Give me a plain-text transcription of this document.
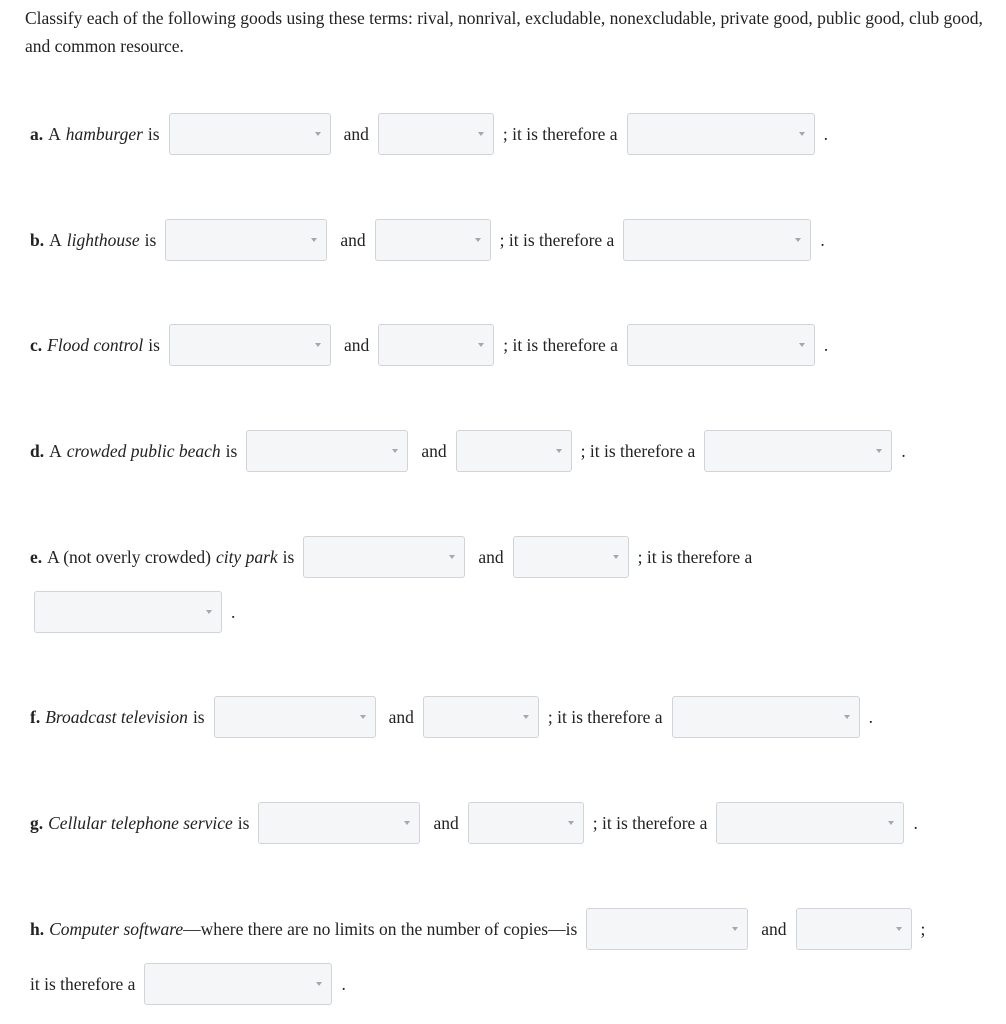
Classify each of the following goods using these terms: rival, nonrival, excludable, nonexcludable, private good, public good, club good, and common resource.

a. A hamburger is	and	; it is therefore a	.
b. A lighthouse is	and	; it is therefore a	.
c. Flood control is	and	; it is therefore a	.
d. A crowded public beach is	and	; it is therefore a	.
e. A (not overly crowded) city park is	and	; it is therefore a
.
f. Broadcast television is	and	; it is therefore a	.
g. Cellular telephone service is	and	; it is therefore a	.
h. Computer software —where there are no limits on the number of copies—is	and	;
it is therefore a	.
